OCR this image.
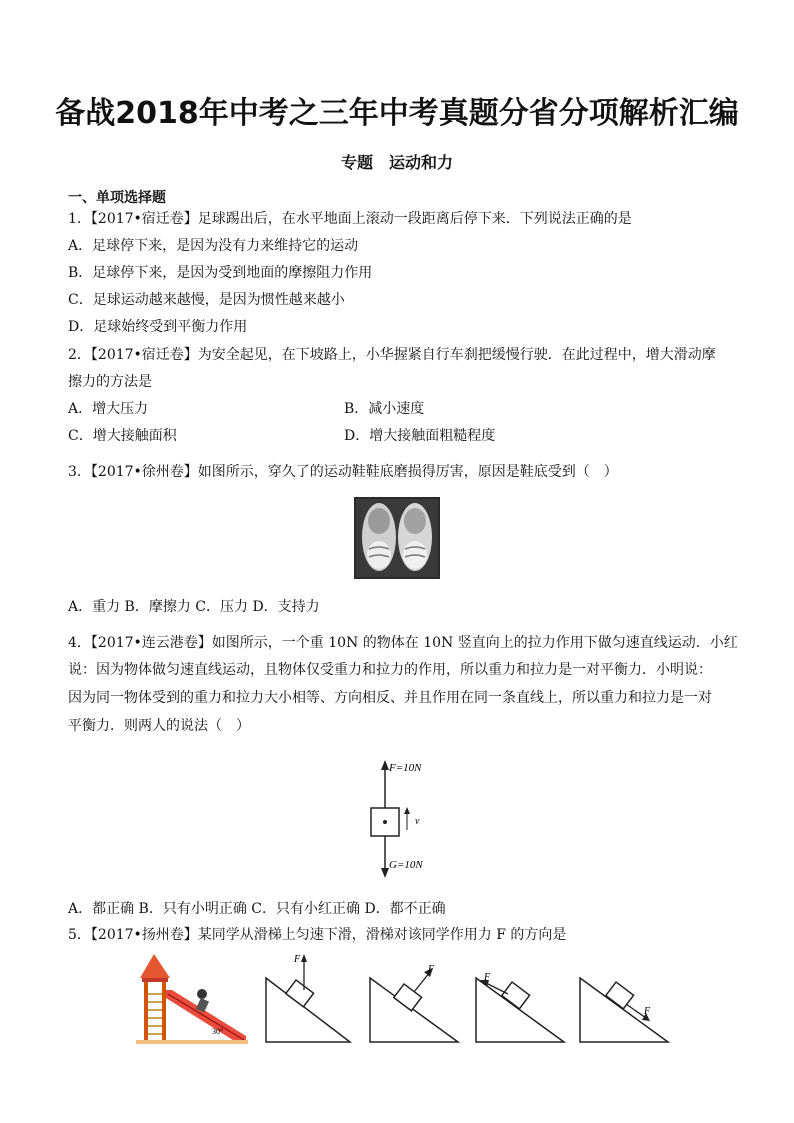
备战2018年中考之三年中考真题分省分项解析汇编
专题　运动和力
一、单项选择题
1．【2017•宿迁卷】足球踢出后，在水平地面上滚动一段距离后停下来．下列说法正确的是
A．足球停下来，是因为没有力来维持它的运动
B．足球停下来，是因为受到地面的摩擦阻力作用
C．足球运动越来越慢，是因为惯性越来越小
D．足球始终受到平衡力作用
2．【2017•宿迁卷】为安全起见，在下坡路上，小华握紧自行车刹把缓慢行驶．在此过程中，增大滑动摩
擦力的方法是
A．增大压力	B．减小速度
C．增大接触面积	D．增大接触面粗糙程度
3．【2017•徐州卷】如图所示，穿久了的运动鞋鞋底磨损得厉害，原因是鞋底受到（　）
A．重力 B．摩擦力 C．压力 D．支持力
4．【2017•连云港卷】如图所示，一个重 10N 的物体在 10N 竖直向上的拉力作用下做匀速直线运动．小红
说：因为物体做匀速直线运动，且物体仅受重力和拉力的作用，所以重力和拉力是一对平衡力．小明说：
因为同一物体受到的重力和拉力大小相等、方向相反、并且作用在同一条直线上，所以重力和拉力是一对
平衡力．则两人的说法（　）
F=10N
v
G=10N
A．都正确 B．只有小明正确 C．只有小红正确 D．都不正确
5．【2017•扬州卷】某同学从滑梯上匀速下滑，滑梯对该同学作用力 F 的方向是
30°
F
F
F
F
